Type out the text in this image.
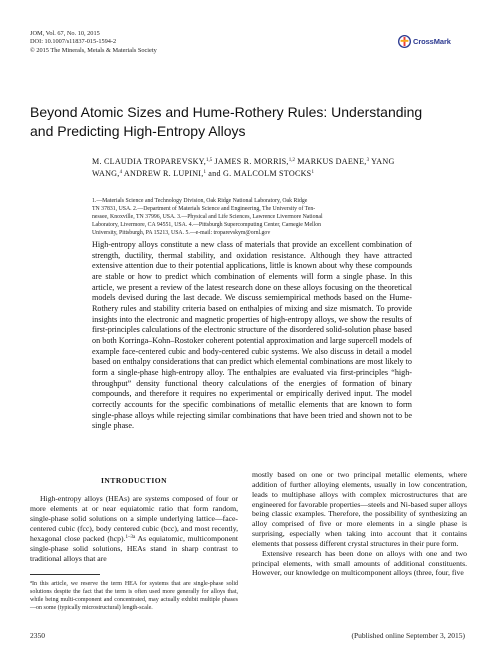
JOM, Vol. 67, No. 10, 2015
DOI: 10.1007/s11837-015-1594-2
© 2015 The Minerals, Metals & Materials Society
CrossMark
Beyond Atomic Sizes and Hume-Rothery Rules: Understanding
and Predicting High-Entropy Alloys
M. CLAUDIA TROPAREVSKY,$^{1,5}$ JAMES R. MORRIS,$^{1,2}$ MARKUS DAENE,$^3$ YANG WANG,$^4$ ANDREW R. LUPINI,$^1$ and G. MALCOLM STOCKS$^1$
1.—Materials Science and Technology Division, Oak Ridge National Laboratory, Oak Ridge
TN 37831, USA. 2.—Department of Materials Science and Engineering, The University of Ten-
nessee, Knoxville, TN 37996, USA. 3.—Physical and Life Sciences, Lawrence Livermore National
Laboratory, Livermore, CA 94551, USA. 4.—Pittsburgh Supercomputing Center, Carnegie Mellon
University, Pittsburgh, PA 15213, USA. 5.—e-mail: troparevskym@ornl.gov

High-entropy alloys constitute a new class of materials that provide an excellent combination of strength, ductility, thermal stability, and oxidation resistance. Although they have attracted extensive attention due to their potential applications, little is known about why these compounds are stable or how to predict which combination of elements will form a single phase. In this article, we present a review of the latest research done on these alloys focusing on the theoretical models devised during the last decade. We discuss semiempirical methods based on the Hume-Rothery rules and stability criteria based on enthalpies of mixing and size mismatch. To provide insights into the electronic and magnetic properties of high-entropy alloys, we show the results of first-principles calculations of the electronic structure of the disordered solid-solution phase based on both Korringa–Kohn–Rostoker coherent potential approximation and large supercell models of example face-centered cubic and body-centered cubic systems. We also discuss in detail a model based on enthalpy considerations that can predict which elemental combinations are most likely to form a single-phase high-entropy alloy. The enthalpies are evaluated via first-principles “high-throughput” density functional theory calculations of the energies of formation of binary compounds, and therefore it requires no experimental or empirically derived input. The model correctly accounts for the specific combinations of metallic elements that are known to form single-phase alloys while rejecting similar combinations that have been tried and shown not to be single phase.

INTRODUCTION

High-entropy alloys (HEAs) are systems composed of four or more elements at or near equiatomic ratio that form random, single-phase solid solutions on a simple underlying lattice—face-centered cubic (fcc), body centered cubic (bcc), and most recently, hexagonal close packed (hcp).$^{1-3a}$ As equiatomic, multicomponent single-phase solid solutions, HEAs stand in sharp contrast to traditional alloys that are

$^a$In this article, we reserve the term HEA for systems that are single-phase solid solutions despite the fact that the term is often used more generally for alloys that, while being multi-component and concentrated, may actually exhibit multiple phases—on some (typically microstructural) length-scale.

mostly based on one or two principal metallic elements, where addition of further alloying elements, usually in low concentration, leads to multiphase alloys with complex microstructures that are engineered for favorable properties—steels and Ni-based super alloys being classic examples. Therefore, the possibility of synthesizing an alloy comprised of five or more elements in a single phase is surprising, especially when taking into account that it contains elements that possess different crystal structures in their pure form.

Extensive research has been done on alloys with one and two principal elements, with small amounts of additional constituents. However, our knowledge on multicomponent alloys (three, four, five

2350	(Published online September 3, 2015)
